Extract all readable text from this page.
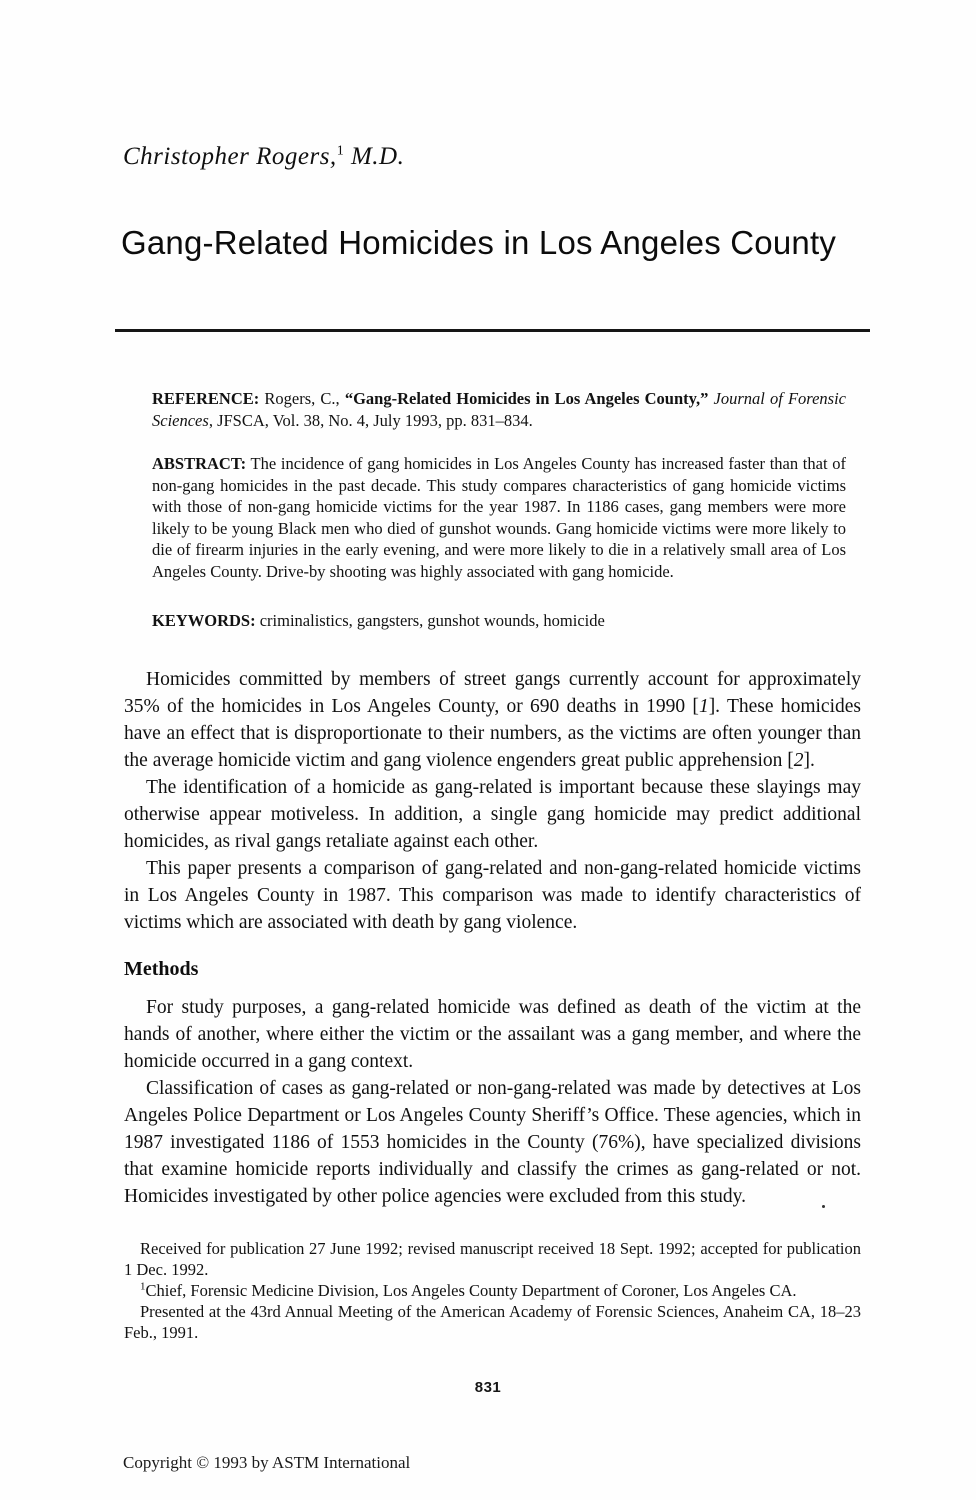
Christopher Rogers,$^1$ M.D.
Gang-Related Homicides in Los Angeles County

REFERENCE: Rogers, C., “Gang-Related Homicides in Los Angeles County,” Journal of Forensic Sciences, JFSCA, Vol. 38, No. 4, July 1993, pp. 831–834.

ABSTRACT: The incidence of gang homicides in Los Angeles County has increased faster than that of non-gang homicides in the past decade. This study compares characteristics of gang homicide victims with those of non-gang homicide victims for the year 1987. In 1186 cases, gang members were more likely to be young Black men who died of gunshot wounds. Gang homicide victims were more likely to die of firearm injuries in the early evening, and were more likely to die in a relatively small area of Los Angeles County. Drive-by shooting was highly associated with gang homicide.

KEYWORDS: criminalistics, gangsters, gunshot wounds, homicide

Homicides committed by members of street gangs currently account for approximately 35% of the homicides in Los Angeles County, or 690 deaths in 1990 [1]. These homicides have an effect that is disproportionate to their numbers, as the victims are often younger than the average homicide victim and gang violence engenders great public apprehension [2].

The identification of a homicide as gang-related is important because these slayings may otherwise appear motiveless. In addition, a single gang homicide may predict additional homicides, as rival gangs retaliate against each other.

This paper presents a comparison of gang-related and non-gang-related homicide victims in Los Angeles County in 1987. This comparison was made to identify characteristics of victims which are associated with death by gang violence.

Methods

For study purposes, a gang-related homicide was defined as death of the victim at the hands of another, where either the victim or the assailant was a gang member, and where the homicide occurred in a gang context.

Classification of cases as gang-related or non-gang-related was made by detectives at Los Angeles Police Department or Los Angeles County Sheriff’s Office. These agencies, which in 1987 investigated 1186 of 1553 homicides in the County (76%), have specialized divisions that examine homicide reports individually and classify the crimes as gang-related or not. Homicides investigated by other police agencies were excluded from this study.

Received for publication 27 June 1992; revised manuscript received 18 Sept. 1992; accepted for publication 1 Dec. 1992.

$^1$Chief, Forensic Medicine Division, Los Angeles County Department of Coroner, Los Angeles CA.

Presented at the 43rd Annual Meeting of the American Academy of Forensic Sciences, Anaheim CA, 18–23 Feb., 1991.

831
Copyright © 1993 by ASTM International
